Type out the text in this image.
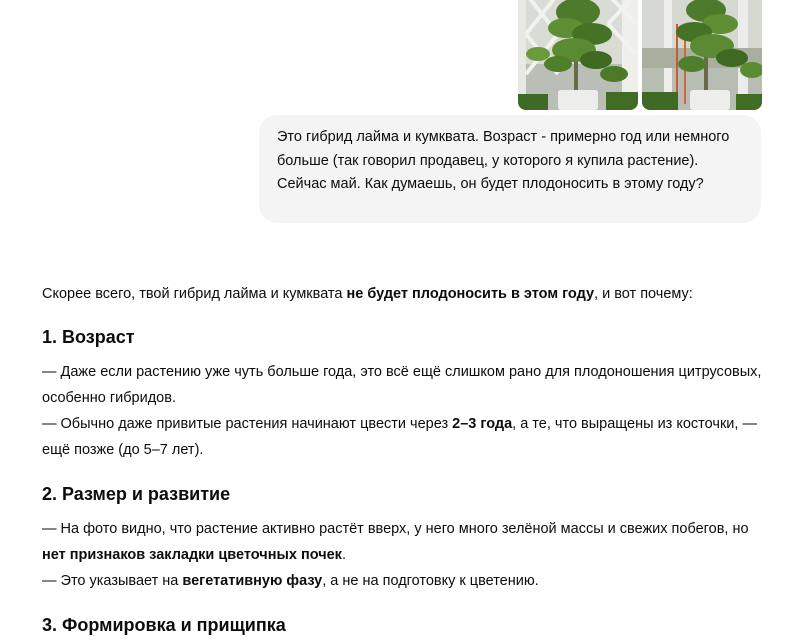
Это гибрид лайма и кумквата. Возраст - примерно год или немного больше (так говорил продавец, у которого я купила растение). Сейчас май. Как думаешь, он будет плодоносить в этому году?

Скорее всего, твой гибрид лайма и кумквата не будет плодоносить в этом году, и вот почему:

1. Возраст

— Даже если растению уже чуть больше года, это всё ещё слишком рано для плодоношения цитрусовых, особенно гибридов.

— Обычно даже привитые растения начинают цвести через 2–3 года, а те, что выращены из косточки, — ещё позже (до 5–7 лет).

2. Размер и развитие

— На фото видно, что растение активно растёт вверх, у него много зелёной массы и свежих побегов, но нет признаков закладки цветочных почек.

— Это указывает на вегетативную фазу, а не на подготовку к цветению.

3. Формировка и прищипка
